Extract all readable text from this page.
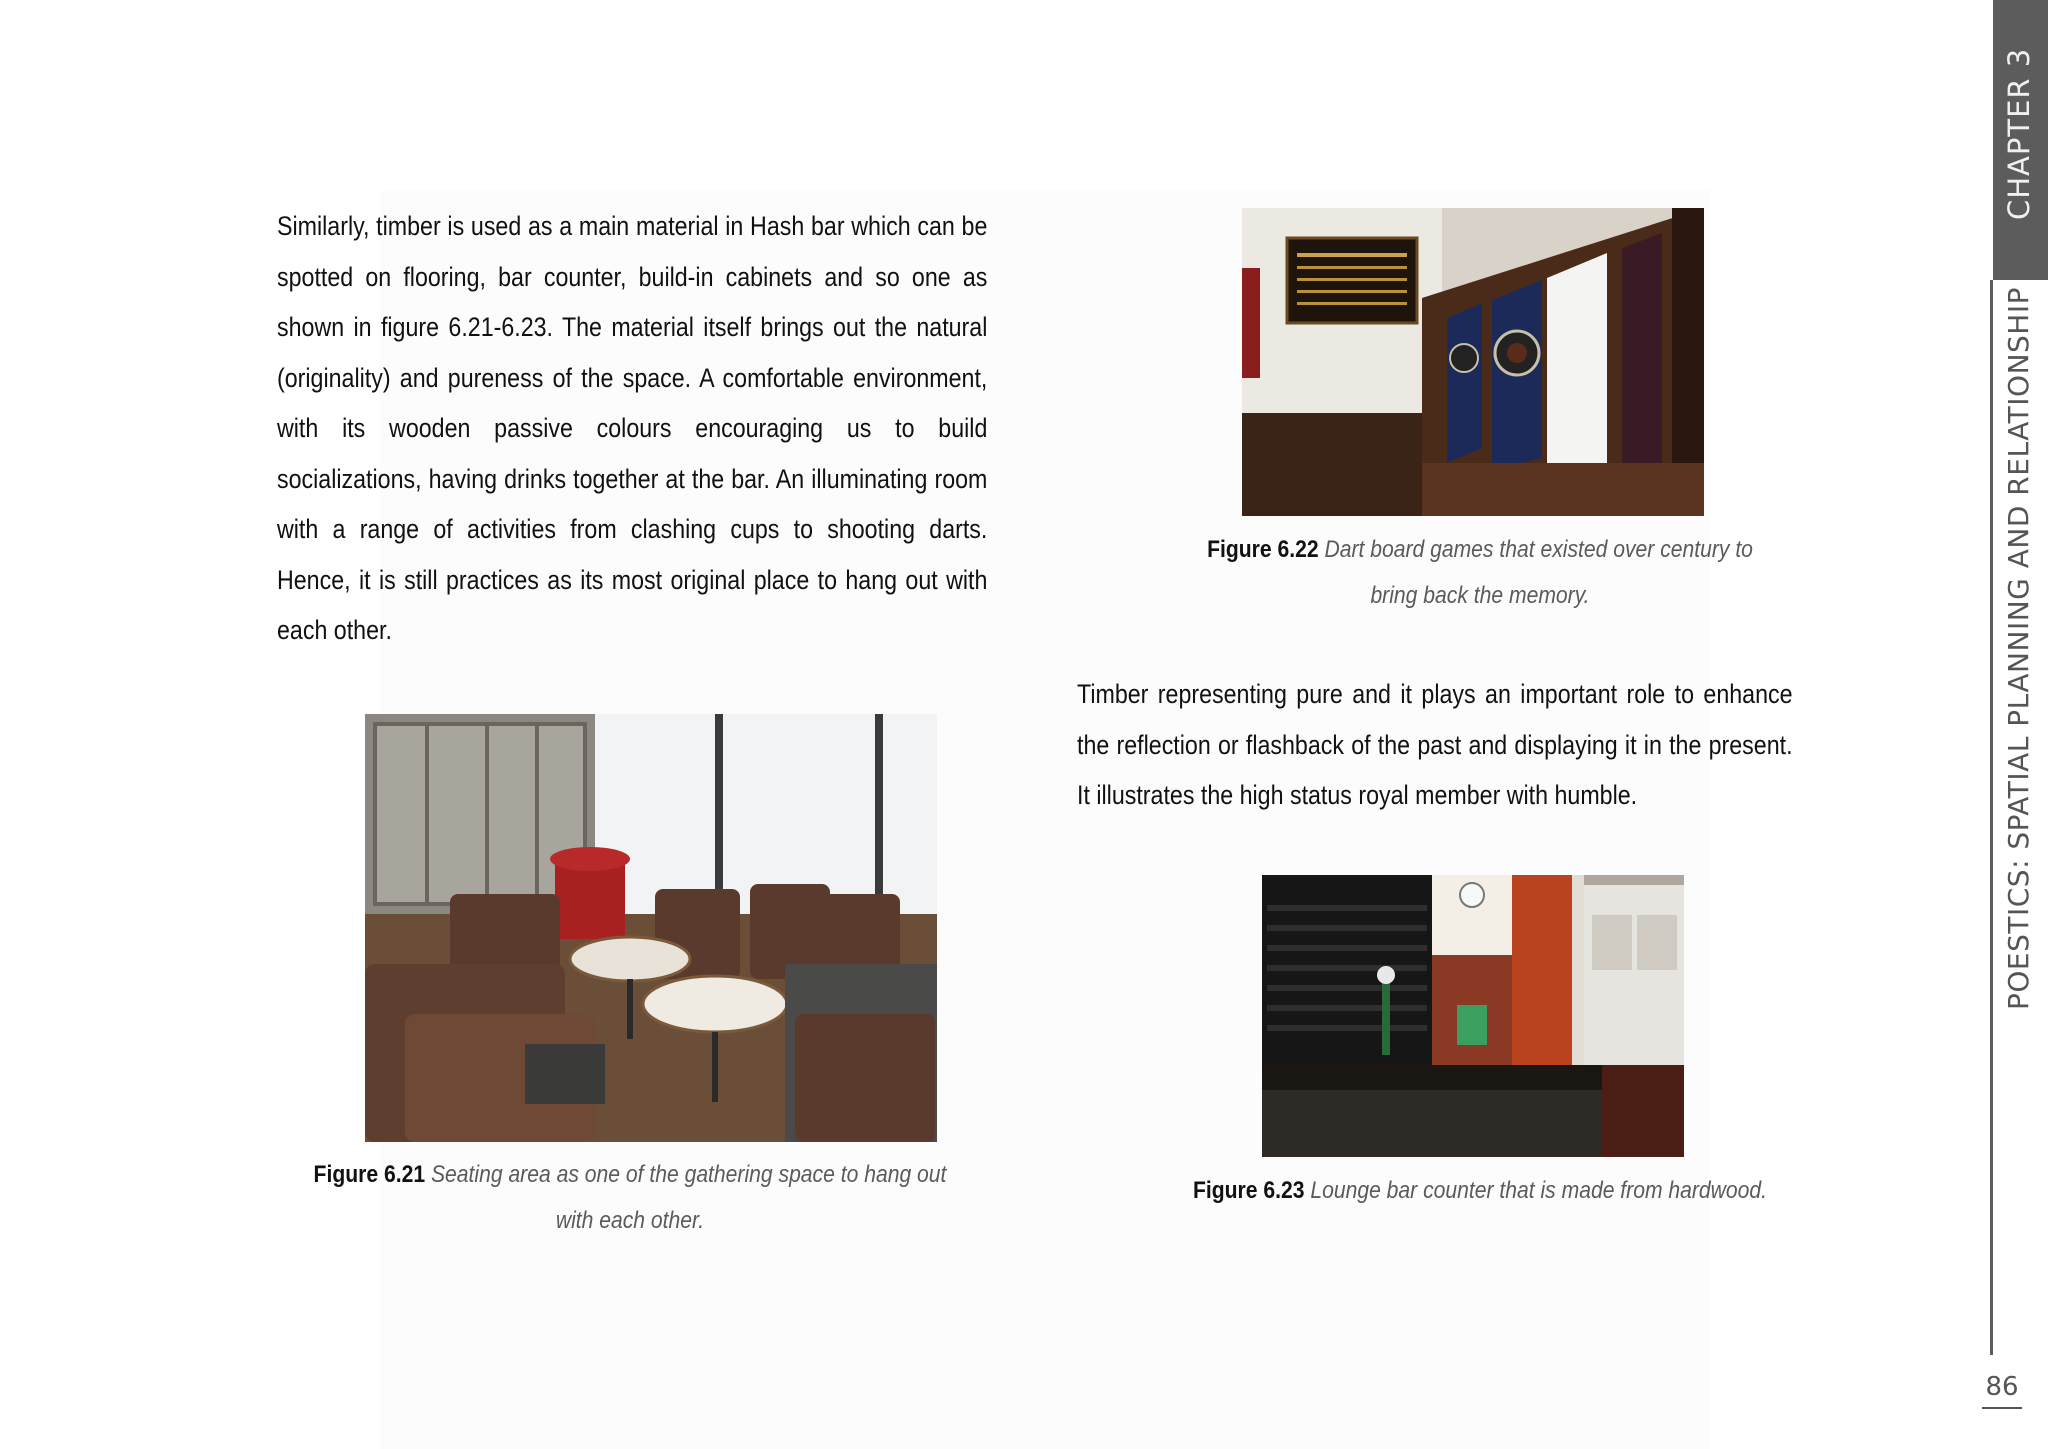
Similarly, timber is used as a main material in Hash bar which can be spotted on flooring, bar counter, build-in cabinets and so one as shown in figure 6.21-6.23. The material itself brings out the natural (originality) and pureness of the space. A comfortable environment, with its wooden passive colours encouraging us to build socializations, having drinks together at the bar. An illuminating room with a range of activities from clashing cups to shooting darts. Hence, it is still practices as its most original place to hang out with each other.

Figure 6.22 Dart board games that existed over century to bring back the memory.
Figure 6.21 Seating area as one of the gathering space to hang out with each other.

Timber representing pure and it plays an important role to enhance the reflection or flashback of the past and displaying it in the present. It illustrates the high status royal member with humble.

Figure 6.23 Lounge bar counter that is made from hardwood.
CHAPTER 3
POESTICS: SPATIAL PLANNING AND RELATIONSHIP
86
